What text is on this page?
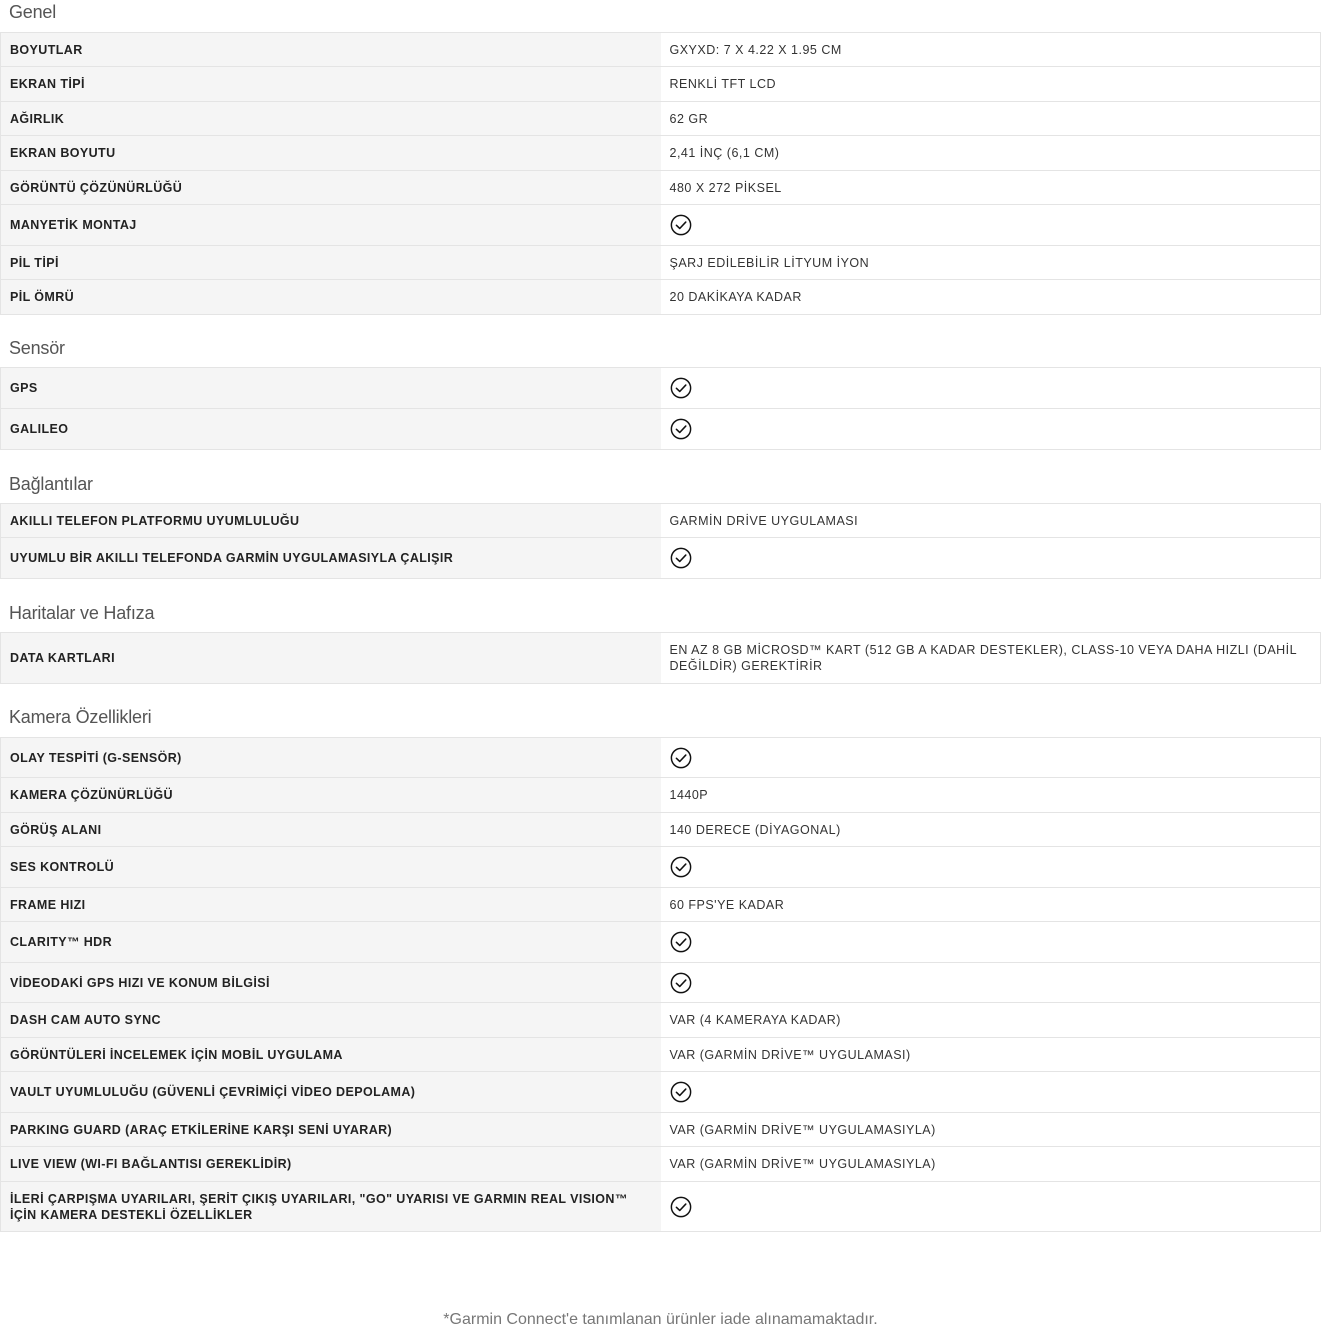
Genel
BOYUTLAR	GXYXD: 7 X 4.22 X 1.95 CM
EKRAN TİPİ	RENKLİ TFT LCD
AĞIRLIK	62 GR
EKRAN BOYUTU	2,41 İNÇ (6,1 CM)
GÖRÜNTÜ ÇÖZÜNÜRLÜĞÜ	480 X 272 PİKSEL
MANYETİK MONTAJ	

PİL TİPİ	ŞARJ EDİLEBİLİR LİTYUM İYON
PİL ÖMRÜ	20 DAKİKAYA KADAR
Sensör
GPS	

GALILEO	
Bağlantılar
AKILLI TELEFON PLATFORMU UYUMLULUĞU	GARMİN DRİVE UYGULAMASI
UYUMLU BİR AKILLI TELEFONDA GARMİN UYGULAMASIYLA ÇALIŞIR	
Haritalar ve Hafıza
DATA KARTLARI	EN AZ 8 GB MİCROSD™ KART (512 GB A KADAR DESTEKLER), CLASS-10 VEYA DAHA HIZLI (DAHİL DEĞİLDİR) GEREKTİRİR
Kamera Özellikleri
OLAY TESPİTİ (G-SENSÖR)	

KAMERA ÇÖZÜNÜRLÜĞÜ	1440P
GÖRÜŞ ALANI	140 DERECE (DİYAGONAL)
SES KONTROLÜ	

FRAME HIZI	60 FPS'YE KADAR
CLARITY™ HDR	

VİDEODAKİ GPS HIZI VE KONUM BİLGİSİ	

DASH CAM AUTO SYNC	VAR (4 KAMERAYA KADAR)
GÖRÜNTÜLERİ İNCELEMEK İÇİN MOBİL UYGULAMA	VAR (GARMİN DRİVE™ UYGULAMASI)
VAULT UYUMLULUĞU (GÜVENLİ ÇEVRİMİÇİ VİDEO DEPOLAMA)	

PARKING GUARD (ARAÇ ETKİLERİNE KARŞI SENİ UYARAR)	VAR (GARMİN DRİVE™ UYGULAMASIYLA)
LIVE VIEW (WI-FI BAĞLANTISI GEREKLİDİR)	VAR (GARMİN DRİVE™ UYGULAMASIYLA)
İLERİ ÇARPIŞMA UYARILARI, ŞERİT ÇIKIŞ UYARILARI, "GO" UYARISI VE GARMIN REAL VISION™ İÇİN KAMERA DESTEKLİ ÖZELLİKLER	
*Garmin Connect'e tanımlanan ürünler iade alınamamaktadır.
